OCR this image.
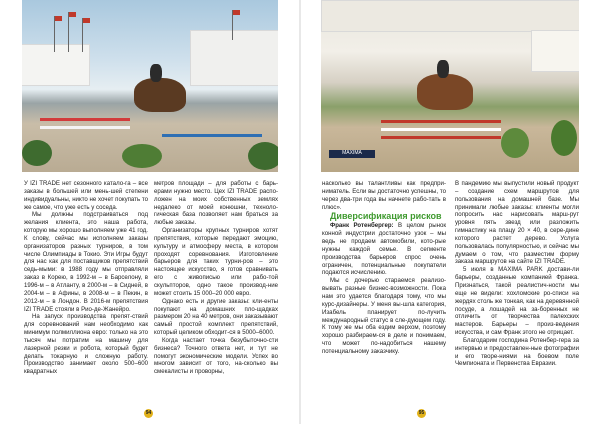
У IZI TRADE нет сезонного катало-га – все заказы в большей или мень-шей степени индивидуальны, никто не хочет покупать то же самое, что уже есть у соседа.

Мы должны подстраиваться под желания клиента, это наша работа, которую мы хорошо выполняем уже 41 год. К слову, сейчас мы исполняем заказы организаторов разных турниров, в том числе Олимпиады в Токио. Эти Игры будут для нас как для поставщиков препятствий седь-мыми: в 1988 году мы отправляли заказ в Корею, в 1992-м – в Барселону, в 1996-м – в Атланту, в 2000-м – в Сидней, в 2004-м – в Афины, в 2008-м – в Пекин, в 2012-м – в Лондон. В 2016-м препятствия IZI TRADE стояли в Рио-де-Жанейро.

На запуск производства препят-ствий для соревнований нам необходимо как минимум полмиллиона евро: только на это тысяч мы потратим на машину для лазерной резки и робота, который будет делать токарную и сложную работу. Производство занимает около 500–600 квадратных

метров площади – для работы с барь-ерами нужно место. Цех IZI TRADE распо-ложен на моих собственных землях недалеко от моей конюшни, техноло-гическая база позволяет нам браться за любые заказы.

Организаторы крупных турниров хотят препятствия, которые передают эмоцию, культуру и атмосферу места, в котором проходят соревнования. Изготовление барьеров для таких турни-ров – это настоящее искусство, я готов сравнивать его с живописью или рабо-той скульпторов, одно такое производ-ние может стоить 15 000–20 000 евро.

Однако есть и другие заказы: кли-енты покупают на домашних пло-щадках размером 20 на 40 метров, они заказывают самый простой комплект препятствий, который целиком обходит-ся в 5000–6000.

Когда настает точка безубыточно-сти бизнеса? Точного ответа нет, и тут не помогут экономические модели. Успех во многом зависит от того, на-сколько вы смекалисты и проворны,

94
MAXIMA

насколько вы талантливы как предпри-ниматель. Если вы достаточно успешны, то через два-три года вы начнете рабо-тать в плюс».

Диверсификация рисков

Франк Ротенбергер: В целом рынок конной индустрии достаточно узок – мы ведь не продаем автомобили, кото-рые нужны каждой семье. В сегменте производства барьеров спрос очень ограничен, потенциальные покупатели подаются исчислению.

Мы с дочерью стараемся реализо-вывать разные бизнес-возможности. Пока нам это удается благодаря тому, что мы курс-дизайнеры. У меня вы-шла категория, Изабель планирует по-лучить международный статус в сле-дующем году. К тому же мы оба ездим верхом, поэтому хорошо разбираем-ся в деле и понимаем, что может по-надобиться нашему потенциальному заказчику.

В пандемию мы выпустили новый продукт – создание схем маршрутов для пользования на домашней базе. Мы принимали любые заказы: клиенты могли попросить нас нарисовать марш-рут уровня пять звезд или разложить гимнастику на плацу 20 × 40, в сере-дине которого растет дерево. Услуга пользовалась популярностью, и сейчас мы думаем о том, что разместим форму заказа маршрутов на сайте IZI TRADE.

5 июля в MAXIMA PARK достави-ли барьеры, созданные компанией Франка. Признаться, такой реалистич-ности мы еще не видели: хохломские ро-списи на жердях столь же тонкая, как на деревянной посуде, а лошадей на за-боренных не отличить от творчества палехских мастеров. Барьеры – произ-ведения искусства, и сам Франк этого не отрицает.

Благодарим господина Ротенбер-гера за интервью и предоставлен-ные фотографии и его творе-ниями на боевом поле Чемпионата и Первенства Евразии.

95
